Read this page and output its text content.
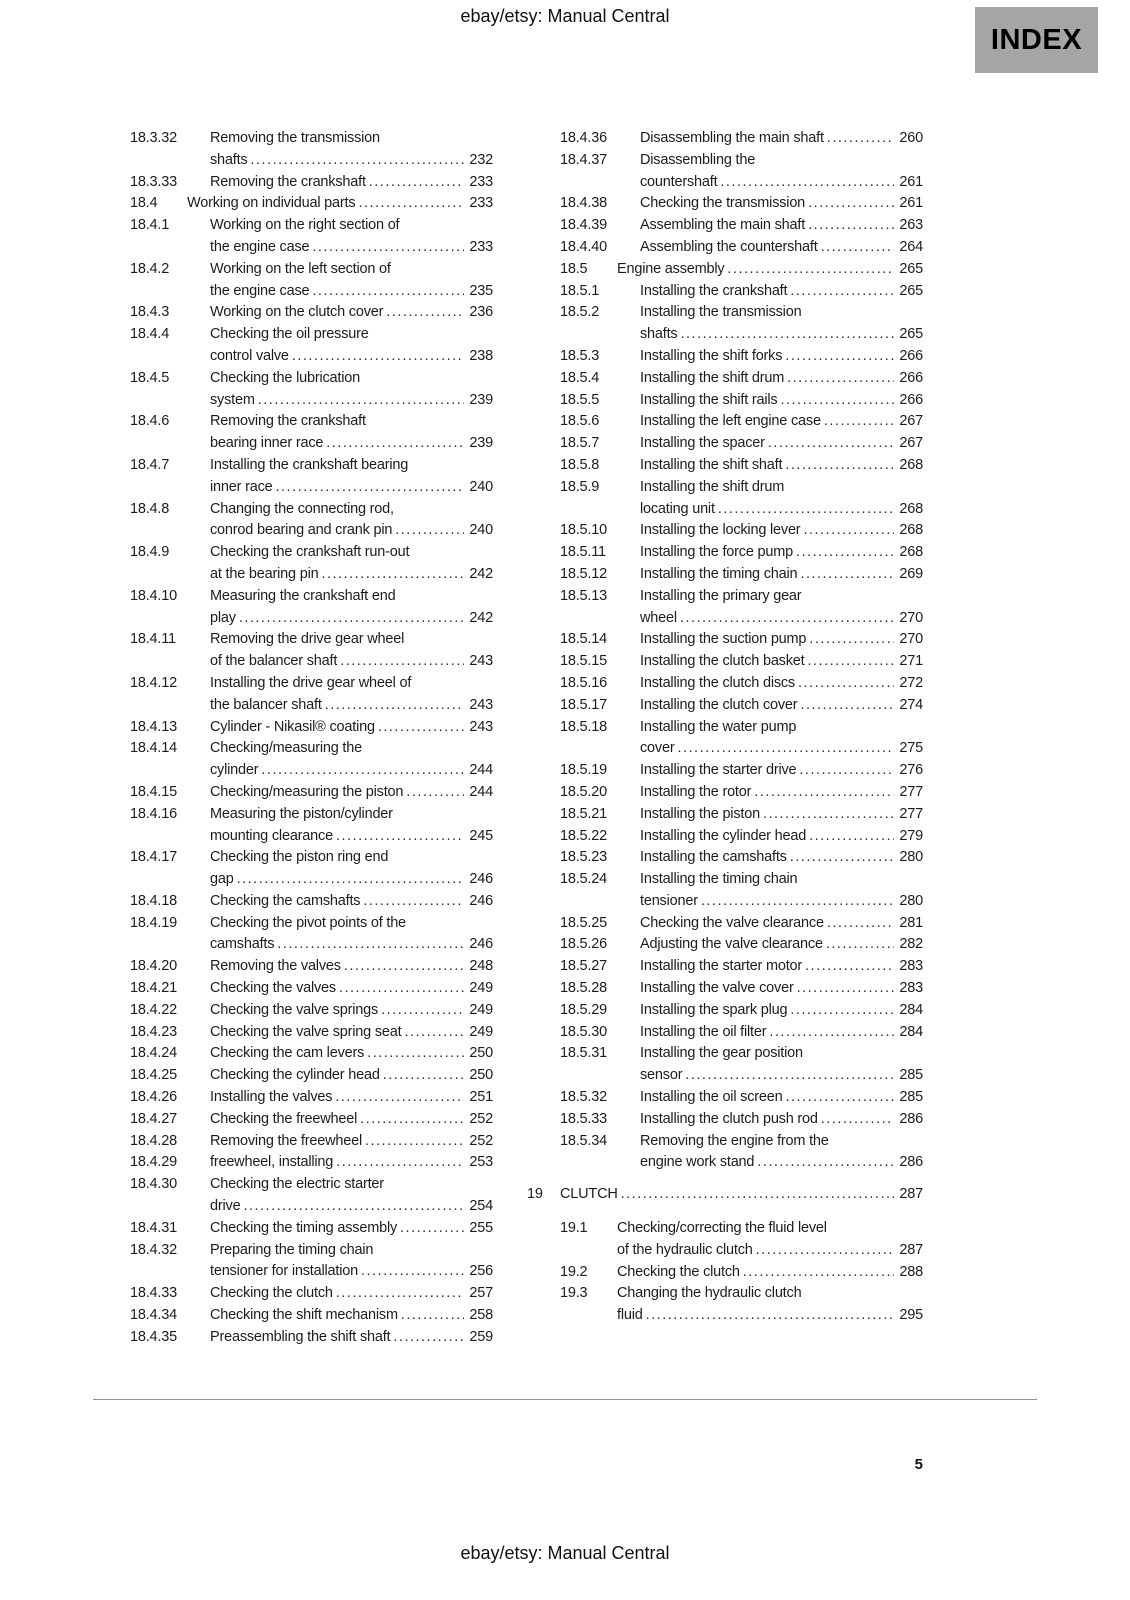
ebay/etsy: Manual Central
INDEX
18.3.32	Removing the transmission
shafts .....	232
18.3.33	Removing the crankshaft .....	233
18.4	Working on individual parts .....	233
18.4.1	Working on the right section of
the engine case .....	233
18.4.2	Working on the left section of
the engine case .....	235
18.4.3	Working on the clutch cover .....	236
18.4.4	Checking the oil pressure
control valve .....	238
18.4.5	Checking the lubrication
system .....	239
18.4.6	Removing the crankshaft
bearing inner race .....	239
18.4.7	Installing the crankshaft bearing
inner race .....	240
18.4.8	Changing the connecting rod,
conrod bearing and crank pin .....	240
18.4.9	Checking the crankshaft run-out
at the bearing pin .....	242
18.4.10	Measuring the crankshaft end
play .....	242
18.4.11	Removing the drive gear wheel
of the balancer shaft .....	243
18.4.12	Installing the drive gear wheel of
the balancer shaft .....	243
18.4.13	Cylinder - Nikasil® coating .....	243
18.4.14	Checking/measuring the
cylinder .....	244
18.4.15	Checking/measuring the piston .....	244
18.4.16	Measuring the piston/cylinder
mounting clearance .....	245
18.4.17	Checking the piston ring end
gap .....	246
18.4.18	Checking the camshafts .....	246
18.4.19	Checking the pivot points of the
camshafts .....	246
18.4.20	Removing the valves .....	248
18.4.21	Checking the valves .....	249
18.4.22	Checking the valve springs .....	249
18.4.23	Checking the valve spring seat .....	249
18.4.24	Checking the cam levers .....	250
18.4.25	Checking the cylinder head .....	250
18.4.26	Installing the valves .....	251
18.4.27	Checking the freewheel .....	252
18.4.28	Removing the freewheel .....	252
18.4.29	freewheel, installing .....	253
18.4.30	Checking the electric starter
drive .....	254
18.4.31	Checking the timing assembly .....	255
18.4.32	Preparing the timing chain
tensioner for installation .....	256
18.4.33	Checking the clutch .....	257
18.4.34	Checking the shift mechanism .....	258
18.4.35	Preassembling the shift shaft .....	259
18.4.36	Disassembling the main shaft .....	260
18.4.37	Disassembling the
countershaft .....	261
18.4.38	Checking the transmission .....	261
18.4.39	Assembling the main shaft .....	263
18.4.40	Assembling the countershaft .....	264
18.5	Engine assembly .....	265
18.5.1	Installing the crankshaft .....	265
18.5.2	Installing the transmission
shafts .....	265
18.5.3	Installing the shift forks .....	266
18.5.4	Installing the shift drum .....	266
18.5.5	Installing the shift rails .....	266
18.5.6	Installing the left engine case .....	267
18.5.7	Installing the spacer .....	267
18.5.8	Installing the shift shaft .....	268
18.5.9	Installing the shift drum
locating unit .....	268
18.5.10	Installing the locking lever .....	268
18.5.11	Installing the force pump .....	268
18.5.12	Installing the timing chain .....	269
18.5.13	Installing the primary gear
wheel .....	270
18.5.14	Installing the suction pump .....	270
18.5.15	Installing the clutch basket .....	271
18.5.16	Installing the clutch discs .....	272
18.5.17	Installing the clutch cover .....	274
18.5.18	Installing the water pump
cover .....	275
18.5.19	Installing the starter drive .....	276
18.5.20	Installing the rotor .....	277
18.5.21	Installing the piston .....	277
18.5.22	Installing the cylinder head .....	279
18.5.23	Installing the camshafts .....	280
18.5.24	Installing the timing chain
tensioner .....	280
18.5.25	Checking the valve clearance .....	281
18.5.26	Adjusting the valve clearance .....	282
18.5.27	Installing the starter motor .....	283
18.5.28	Installing the valve cover .....	283
18.5.29	Installing the spark plug .....	284
18.5.30	Installing the oil filter .....	284
18.5.31	Installing the gear position
sensor .....	285
18.5.32	Installing the oil screen .....	285
18.5.33	Installing the clutch push rod .....	286
18.5.34	Removing the engine from the
engine work stand .....	286
19	CLUTCH .....	287
19.1	Checking/correcting the fluid level
of the hydraulic clutch .....	287
19.2	Checking the clutch .....	288
19.3	Changing the hydraulic clutch
fluid .....	295
5
ebay/etsy: Manual Central
